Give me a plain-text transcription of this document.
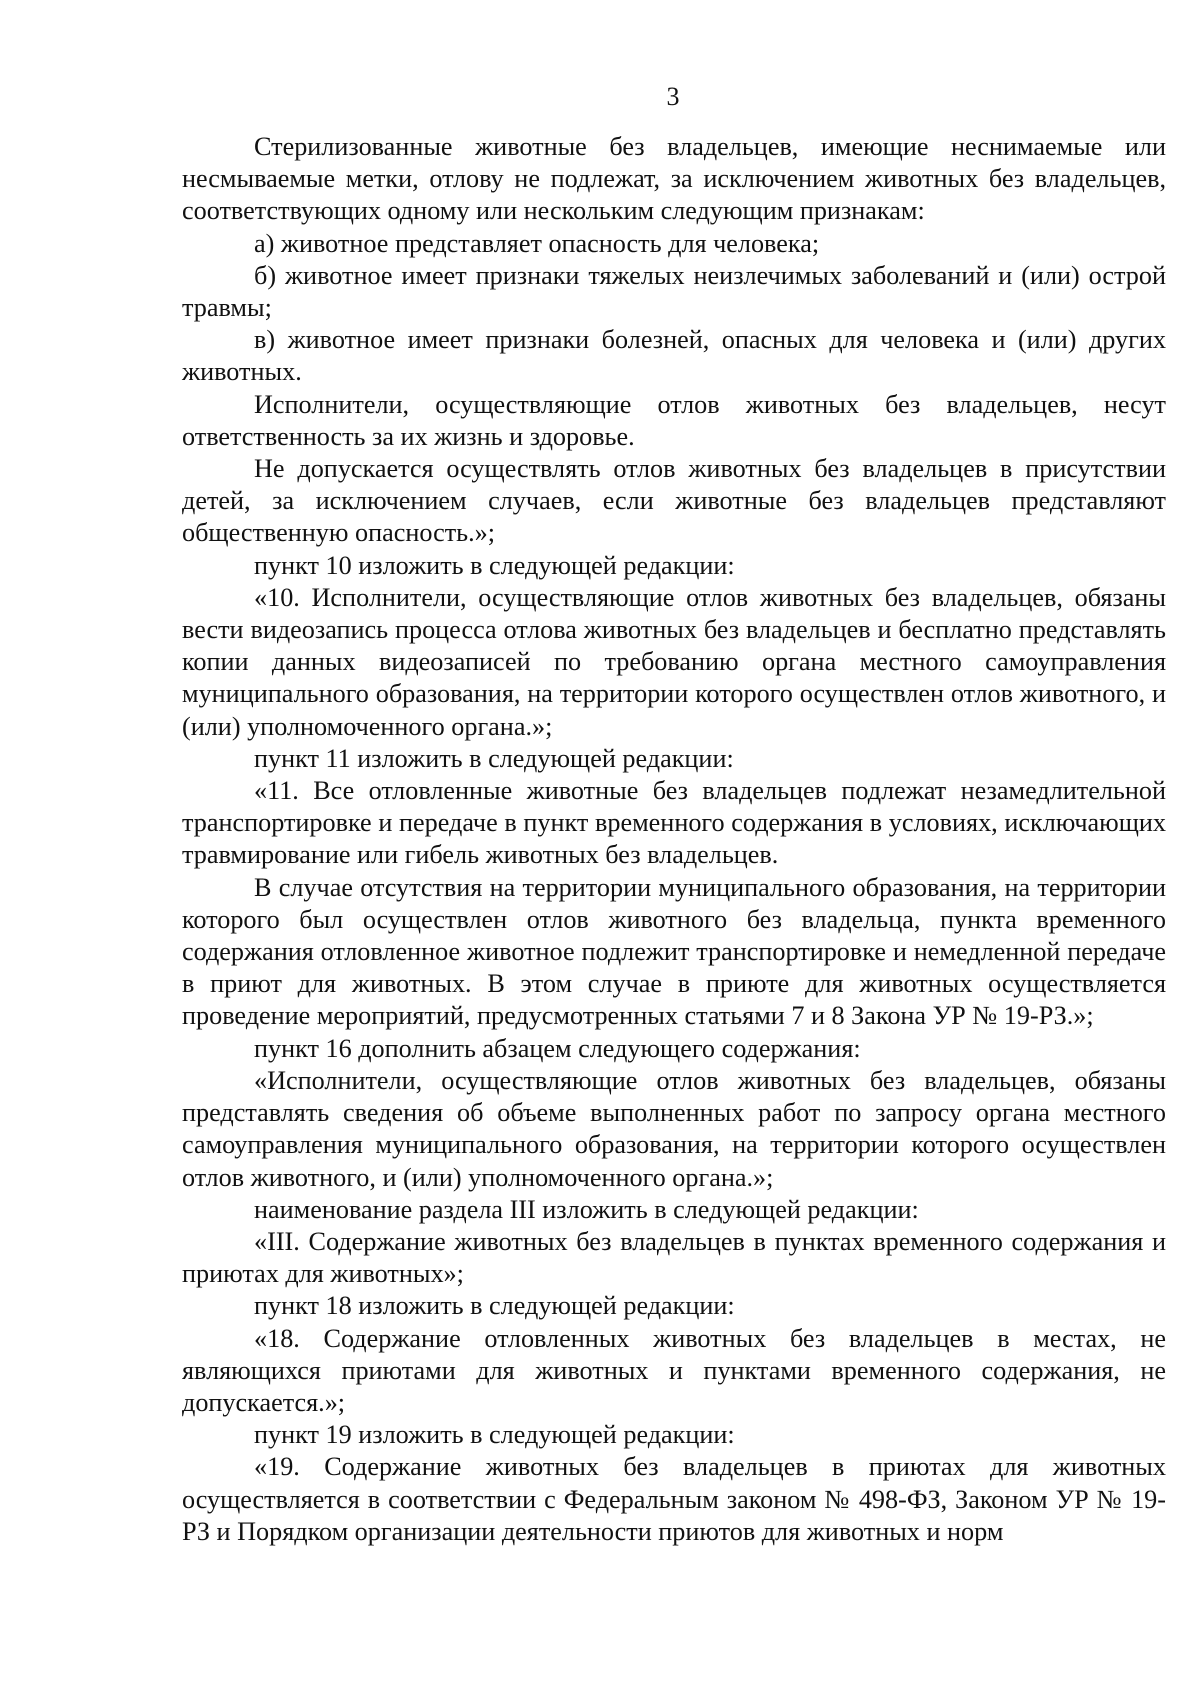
3

Стерилизованные животные без владельцев, имеющие неснимаемые или несмываемые метки, отлову не подлежат, за исключением животных без владельцев, соответствующих одному или нескольким следующим признакам:

а) животное представляет опасность для человека;

б) животное имеет признаки тяжелых неизлечимых заболеваний и (или) острой травмы;

в) животное имеет признаки болезней, опасных для человека и (или) других животных.

Исполнители, осуществляющие отлов животных без владельцев, несут ответственность за их жизнь и здоровье.

Не допускается осуществлять отлов животных без владельцев в присутствии детей, за исключением случаев, если животные без владельцев представляют общественную опасность.»;

пункт 10 изложить в следующей редакции:

«10. Исполнители, осуществляющие отлов животных без владельцев, обязаны вести видеозапись процесса отлова животных без владельцев и бесплатно представлять копии данных видеозаписей по требованию органа местного самоуправления муниципального образования, на территории которого осуществлен отлов животного, и (или) уполномоченного органа.»;

пункт 11 изложить в следующей редакции:

«11. Все отловленные животные без владельцев подлежат незамедлительной транспортировке и передаче в пункт временного содержания в условиях, исключающих травмирование или гибель животных без владельцев.

В случае отсутствия на территории муниципального образования, на территории которого был осуществлен отлов животного без владельца, пункта временного содержания отловленное животное подлежит транспортировке и немедленной передаче в приют для животных. В этом случае в приюте для животных осуществляется проведение мероприятий, предусмотренных статьями 7 и 8 Закона УР № 19-РЗ.»;

пункт 16 дополнить абзацем следующего содержания:

«Исполнители, осуществляющие отлов животных без владельцев, обязаны представлять сведения об объеме выполненных работ по запросу органа местного самоуправления муниципального образования, на территории которого осуществлен отлов животного, и (или) уполномоченного органа.»;

наименование раздела III изложить в следующей редакции:

«III. Содержание животных без владельцев в пунктах временного содержания и приютах для животных»;

пункт 18 изложить в следующей редакции:

«18. Содержание отловленных животных без владельцев в местах, не являющихся приютами для животных и пунктами временного содержания, не допускается.»;

пункт 19 изложить в следующей редакции:

«19. Содержание животных без владельцев в приютах для животных осуществляется в соответствии с Федеральным законом № 498-ФЗ, Законом УР № 19-РЗ и Порядком организации деятельности приютов для животных и норм
